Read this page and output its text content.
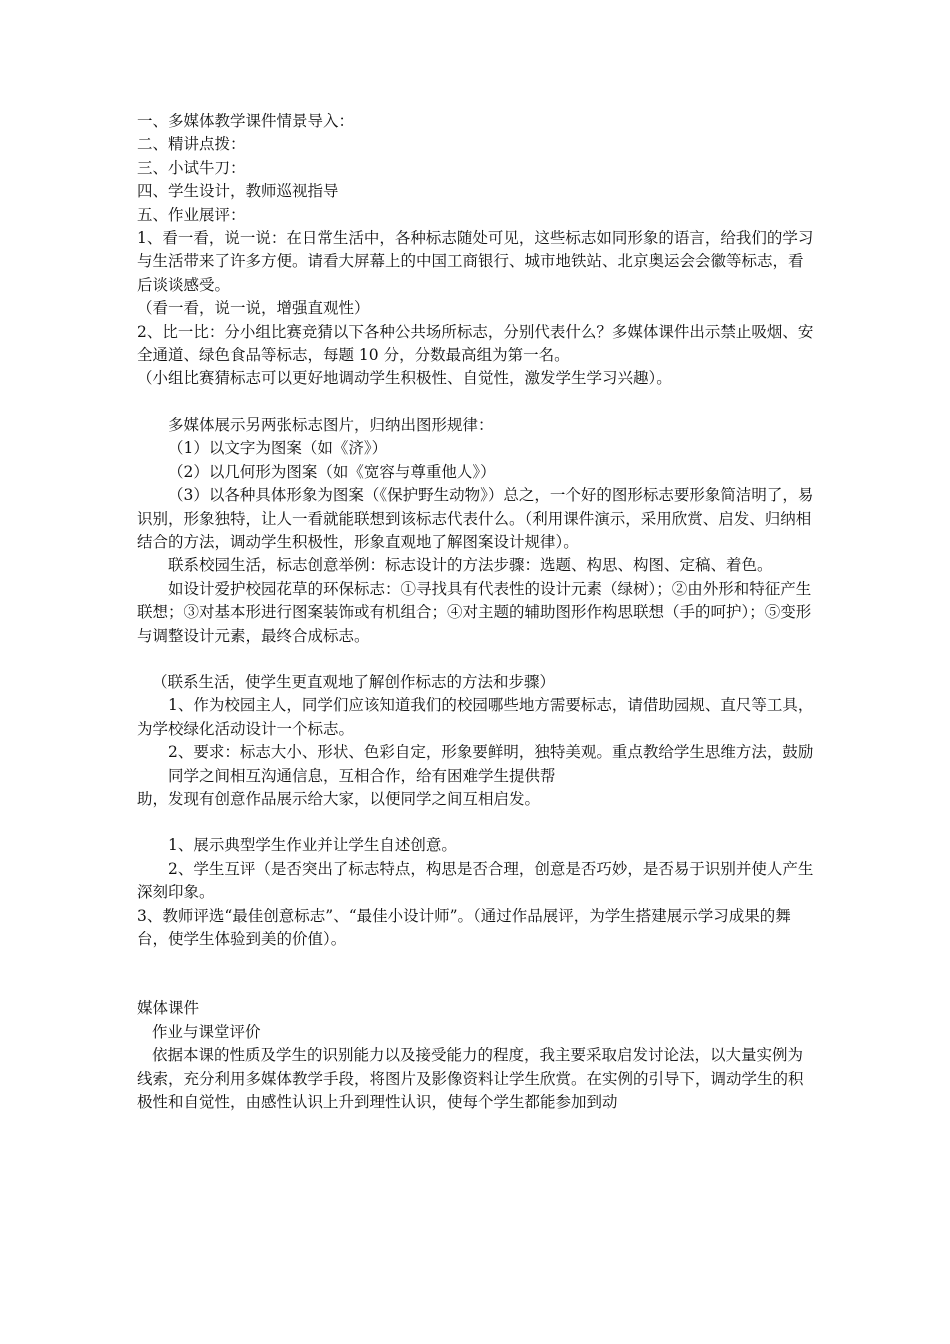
一、多媒体教学课件情景导入：

二、精讲点拨：

三、小试牛刀：

四、学生设计，教师巡视指导

五、作业展评：

1、看一看，说一说：在日常生活中，各种标志随处可见，这些标志如同形象的语言，给我们的学习与生活带来了许多方便。请看大屏幕上的中国工商银行、城市地铁站、北京奥运会会徽等标志，看后谈谈感受。

（看一看，说一说，增强直观性）

2、比一比：分小组比赛竞猜以下各种公共场所标志，分别代表什么？多媒体课件出示禁止吸烟、安全通道、绿色食品等标志，每题 10 分，分数最高组为第一名。

（小组比赛猜标志可以更好地调动学生积极性、自觉性，激发学生学习兴趣）。

多媒体展示另两张标志图片，归纳出图形规律：

（1）以文字为图案（如《济》）

（2）以几何形为图案（如《宽容与尊重他人》）

（3）以各种具体形象为图案（《保护野生动物》）总之，一个好的图形标志要形象简洁明了，易识别，形象独特，让人一看就能联想到该标志代表什么。（利用课件演示，采用欣赏、启发、归纳相结合的方法，调动学生积极性，形象直观地了解图案设计规律）。

联系校园生活，标志创意举例：标志设计的方法步骤：选题、构思、构图、定稿、着色。

如设计爱护校园花草的环保标志：①寻找具有代表性的设计元素（绿树）；②由外形和特征产生联想；③对基本形进行图案装饰或有机组合；④对主题的辅助图形作构思联想（手的呵护）；⑤变形与调整设计元素，最终合成标志。

（联系生活，使学生更直观地了解创作标志的方法和步骤）

1、作为校园主人，同学们应该知道我们的校园哪些地方需要标志，请借助园规、直尺等工具，为学校绿化活动设计一个标志。

2、要求：标志大小、形状、色彩自定，形象要鲜明，独特美观。重点教给学生思维方法，鼓励同学之间相互沟通信息，互相合作，给有困难学生提供帮

助，发现有创意作品展示给大家，以便同学之间互相启发。

1、展示典型学生作业并让学生自述创意。

2、学生互评（是否突出了标志特点，构思是否合理，创意是否巧妙，是否易于识别并使人产生深刻印象。

3、教师评选“最佳创意标志”、“最佳小设计师”。（通过作品展评，为学生搭建展示学习成果的舞台，使学生体验到美的价值）。

媒体课件

作业与课堂评价

依据本课的性质及学生的识别能力以及接受能力的程度，我主要采取启发讨论法，以大量实例为线索，充分利用多媒体教学手段，将图片及影像资料让学生欣赏。在实例的引导下，调动学生的积极性和自觉性，由感性认识上升到理性认识，使每个学生都能参加到动
